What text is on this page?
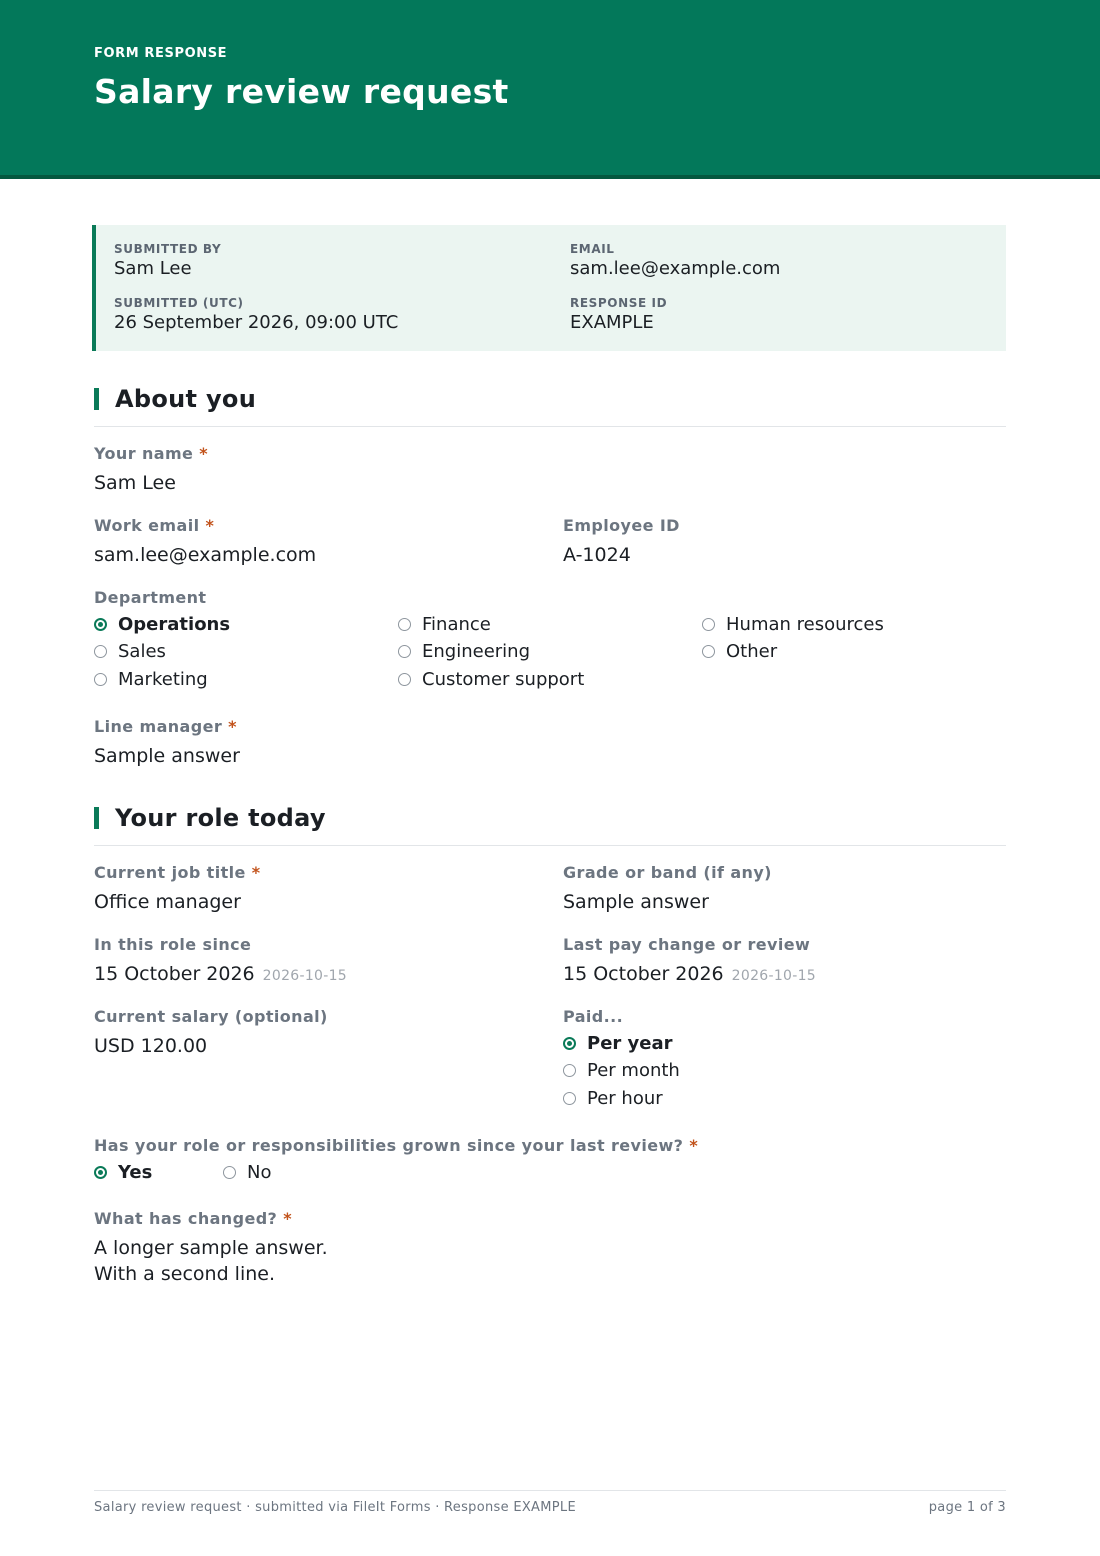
FORM RESPONSE
Salary review request
SUBMITTED BY
Sam Lee
EMAIL
sam.lee@example.com
SUBMITTED (UTC)
26 September 2026, 09:00 UTC
RESPONSE ID
EXAMPLE
About you
Your name *
Sam Lee
Work email *
sam.lee@example.com
Employee ID
A-1024
Department
Operations
Sales
Marketing
Finance
Engineering
Customer support
Human resources
Other
Line manager *
Sample answer
Your role today
Current job title *
Office manager
Grade or band (if any)
Sample answer
In this role since
15 October 2026 2026-10-15
Last pay change or review
15 October 2026 2026-10-15
Current salary (optional)
USD 120.00
Paid...
Per year
Per month
Per hour
Has your role or responsibilities grown since your last review? *
Yes	No
What has changed? *
A longer sample answer.
With a second line.
Salary review request · submitted via FileIt Forms · Response EXAMPLE	page 1 of 3
